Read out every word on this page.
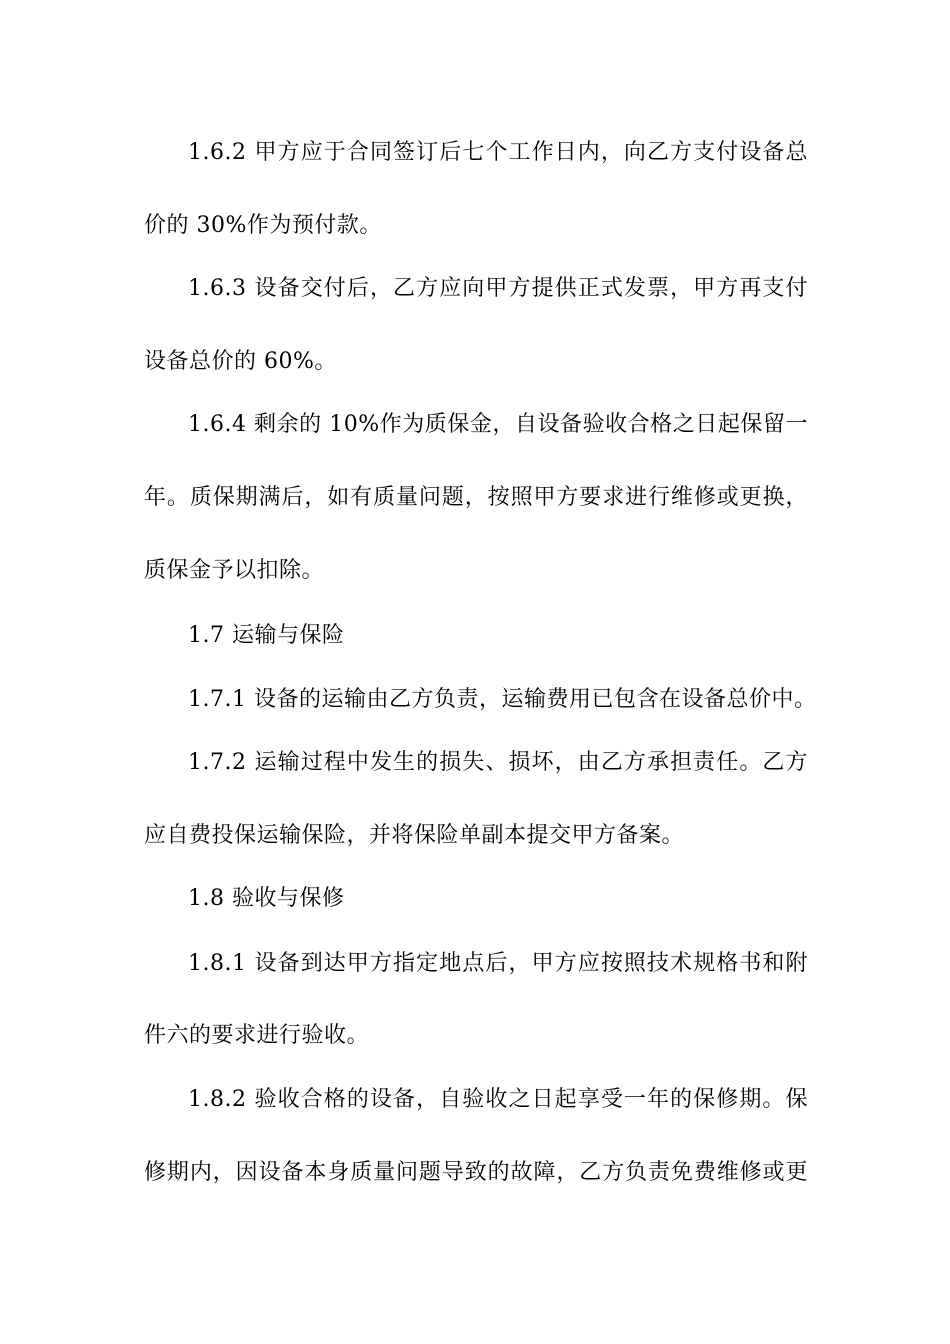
1.6.2 甲方应于合同签订后七个工作日内，向乙方支付设备总
价的 30%作为预付款。
1.6.3 设备交付后，乙方应向甲方提供正式发票，甲方再支付
设备总价的 60%。
1.6.4 剩余的 10%作为质保金，自设备验收合格之日起保留一
年。质保期满后，如有质量问题，按照甲方要求进行维修或更换，
质保金予以扣除。
1.7 运输与保险
1.7.1 设备的运输由乙方负责，运输费用已包含在设备总价中。
1.7.2 运输过程中发生的损失、损坏，由乙方承担责任。乙方
应自费投保运输保险，并将保险单副本提交甲方备案。
1.8 验收与保修
1.8.1 设备到达甲方指定地点后，甲方应按照技术规格书和附
件六的要求进行验收。
1.8.2 验收合格的设备，自验收之日起享受一年的保修期。保
修期内，因设备本身质量问题导致的故障，乙方负责免费维修或更
